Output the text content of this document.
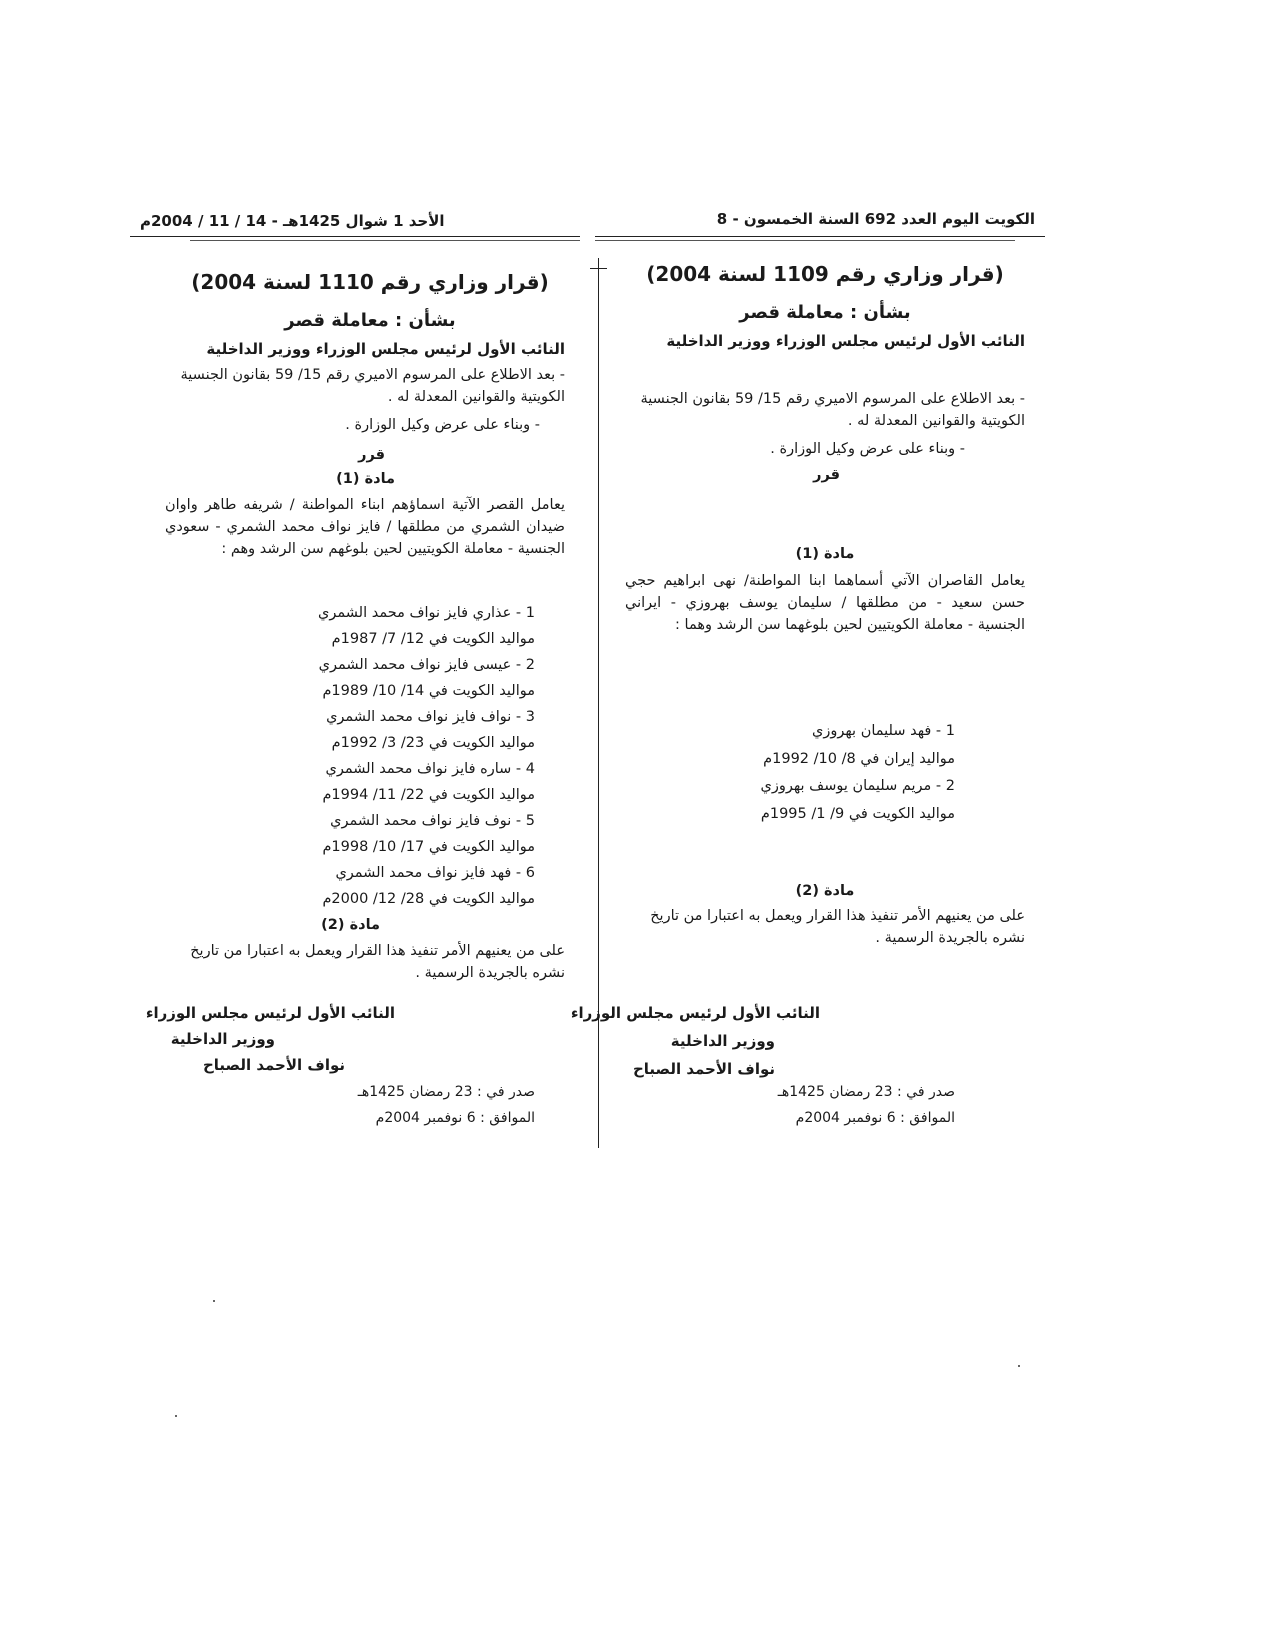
الكويت اليوم العدد 692 السنة الخمسون - 8
الأحد 1 شوال 1425هـ - 14 / 11 / 2004م
(قرار وزاري رقم 1109 لسنة 2004)
بشأن : معاملة قصر
النائب الأول لرئيس مجلس الوزراء ووزير الداخلية
- بعد الاطلاع على المرسوم الاميري رقم 15/ 59 بقانون الجنسية الكويتية والقوانين المعدلة له .
- وبناء على عرض وكيل الوزارة .
قرر
مادة (1)
يعامل القاصران الآتي أسماهما ابنا المواطنة/ نهى ابراهيم حجي حسن سعيد - من مطلقها / سليمان يوسف بهروزي - ايراني الجنسية - معاملة الكويتيين لحين بلوغهما سن الرشد وهما :
1 - فهد سليمان بهروزي
مواليد إيران في 8/ 10/ 1992م
2 - مريم سليمان يوسف بهروزي
مواليد الكويت في 9/ 1/ 1995م
مادة (2)
على من يعنيهم الأمر تنفيذ هذا القرار ويعمل به اعتبارا من تاريخ نشره بالجريدة الرسمية .
النائب الأول لرئيس مجلس الوزراء
ووزير الداخلية
نواف الأحمد الصباح
صدر في : 23 رمضان 1425هـ
الموافق : 6 نوفمبر 2004م
(قرار وزاري رقم 1110 لسنة 2004)
بشأن : معاملة قصر
النائب الأول لرئيس مجلس الوزراء ووزير الداخلية
- بعد الاطلاع على المرسوم الاميري رقم 15/ 59 بقانون الجنسية الكويتية والقوانين المعدلة له .
- وبناء على عرض وكيل الوزارة .
قرر
مادة (1)
يعامل القصر الآتية اسماؤهم ابناء المواطنة / شريفه طاهر واوان ضيدان الشمري من مطلقها / فايز نواف محمد الشمري - سعودي الجنسية - معاملة الكويتيين لحين بلوغهم سن الرشد وهم :
1 - عذاري فايز نواف محمد الشمري
مواليد الكويت في 12/ 7/ 1987م
2 - عيسى فايز نواف محمد الشمري
مواليد الكويت في 14/ 10/ 1989م
3 - نواف فايز نواف محمد الشمري
مواليد الكويت في 23/ 3/ 1992م
4 - ساره فايز نواف محمد الشمري
مواليد الكويت في 22/ 11/ 1994م
5 - نوف فايز نواف محمد الشمري
مواليد الكويت في 17/ 10/ 1998م
6 - فهد فايز نواف محمد الشمري
مواليد الكويت في 28/ 12/ 2000م
مادة (2)
على من يعنيهم الأمر تنفيذ هذا القرار ويعمل به اعتبارا من تاريخ نشره بالجريدة الرسمية .
النائب الأول لرئيس مجلس الوزراء
ووزير الداخلية
نواف الأحمد الصباح
صدر في : 23 رمضان 1425هـ
الموافق : 6 نوفمبر 2004م
